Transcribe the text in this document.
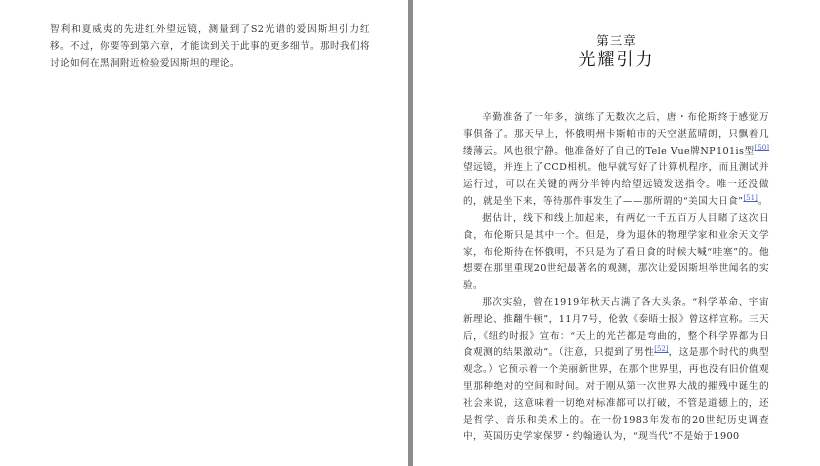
智利和夏威夷的先进红外望远镜，测量到了S2光谱的爱因斯坦引力红移。不过，你要等到第六章，才能读到关于此事的更多细节。那时我们将讨论如何在黑洞附近检验爱因斯坦的理论。

第三章
光耀引力

辛勤准备了一年多，演练了无数次之后，唐・布伦斯终于感觉万事俱备了。那天早上，怀俄明州卡斯帕市的天空湛蓝晴朗，只飘着几缕薄云。风也很宁静。他准备好了自己的Tele Vue牌NP101is型[50]望远镜，并连上了CCD相机。他早就写好了计算机程序，而且测试并运行过，可以在关键的两分半钟内给望远镜发送指令。唯一还没做的，就是坐下来，等待那件事发生了——那所谓的“美国大日食”[51]。

据估计，线下和线上加起来，有两亿一千五百万人目睹了这次日食，布伦斯只是其中一个。但是，身为退休的物理学家和业余天文学家，布伦斯待在怀俄明，不只是为了看日食的时候大喊“哇塞”的。他想要在那里重现20世纪最著名的观测，那次让爱因斯坦举世闻名的实验。

那次实验，曾在1919年秋天占满了各大头条。“科学革命、宇宙新理论、推翻牛顿”，11月7号，伦敦《泰晤士报》曾这样宣称。三天后，《纽约时报》宣布：“天上的光芒都是弯曲的，整个科学界都为日食观测的结果激动”。（注意，只提到了男性[52]，这是那个时代的典型观念。）它预示着一个美丽新世界，在那个世界里，再也没有旧价值观里那种绝对的空间和时间。对于刚从第一次世界大战的摧残中诞生的社会来说，这意味着一切绝对标准都可以打破，不管是道德上的，还是哲学、音乐和美术上的。在一份1983年发布的20世纪历史调查中，英国历史学家保罗・约翰逊认为，“现当代”不是始于1900
